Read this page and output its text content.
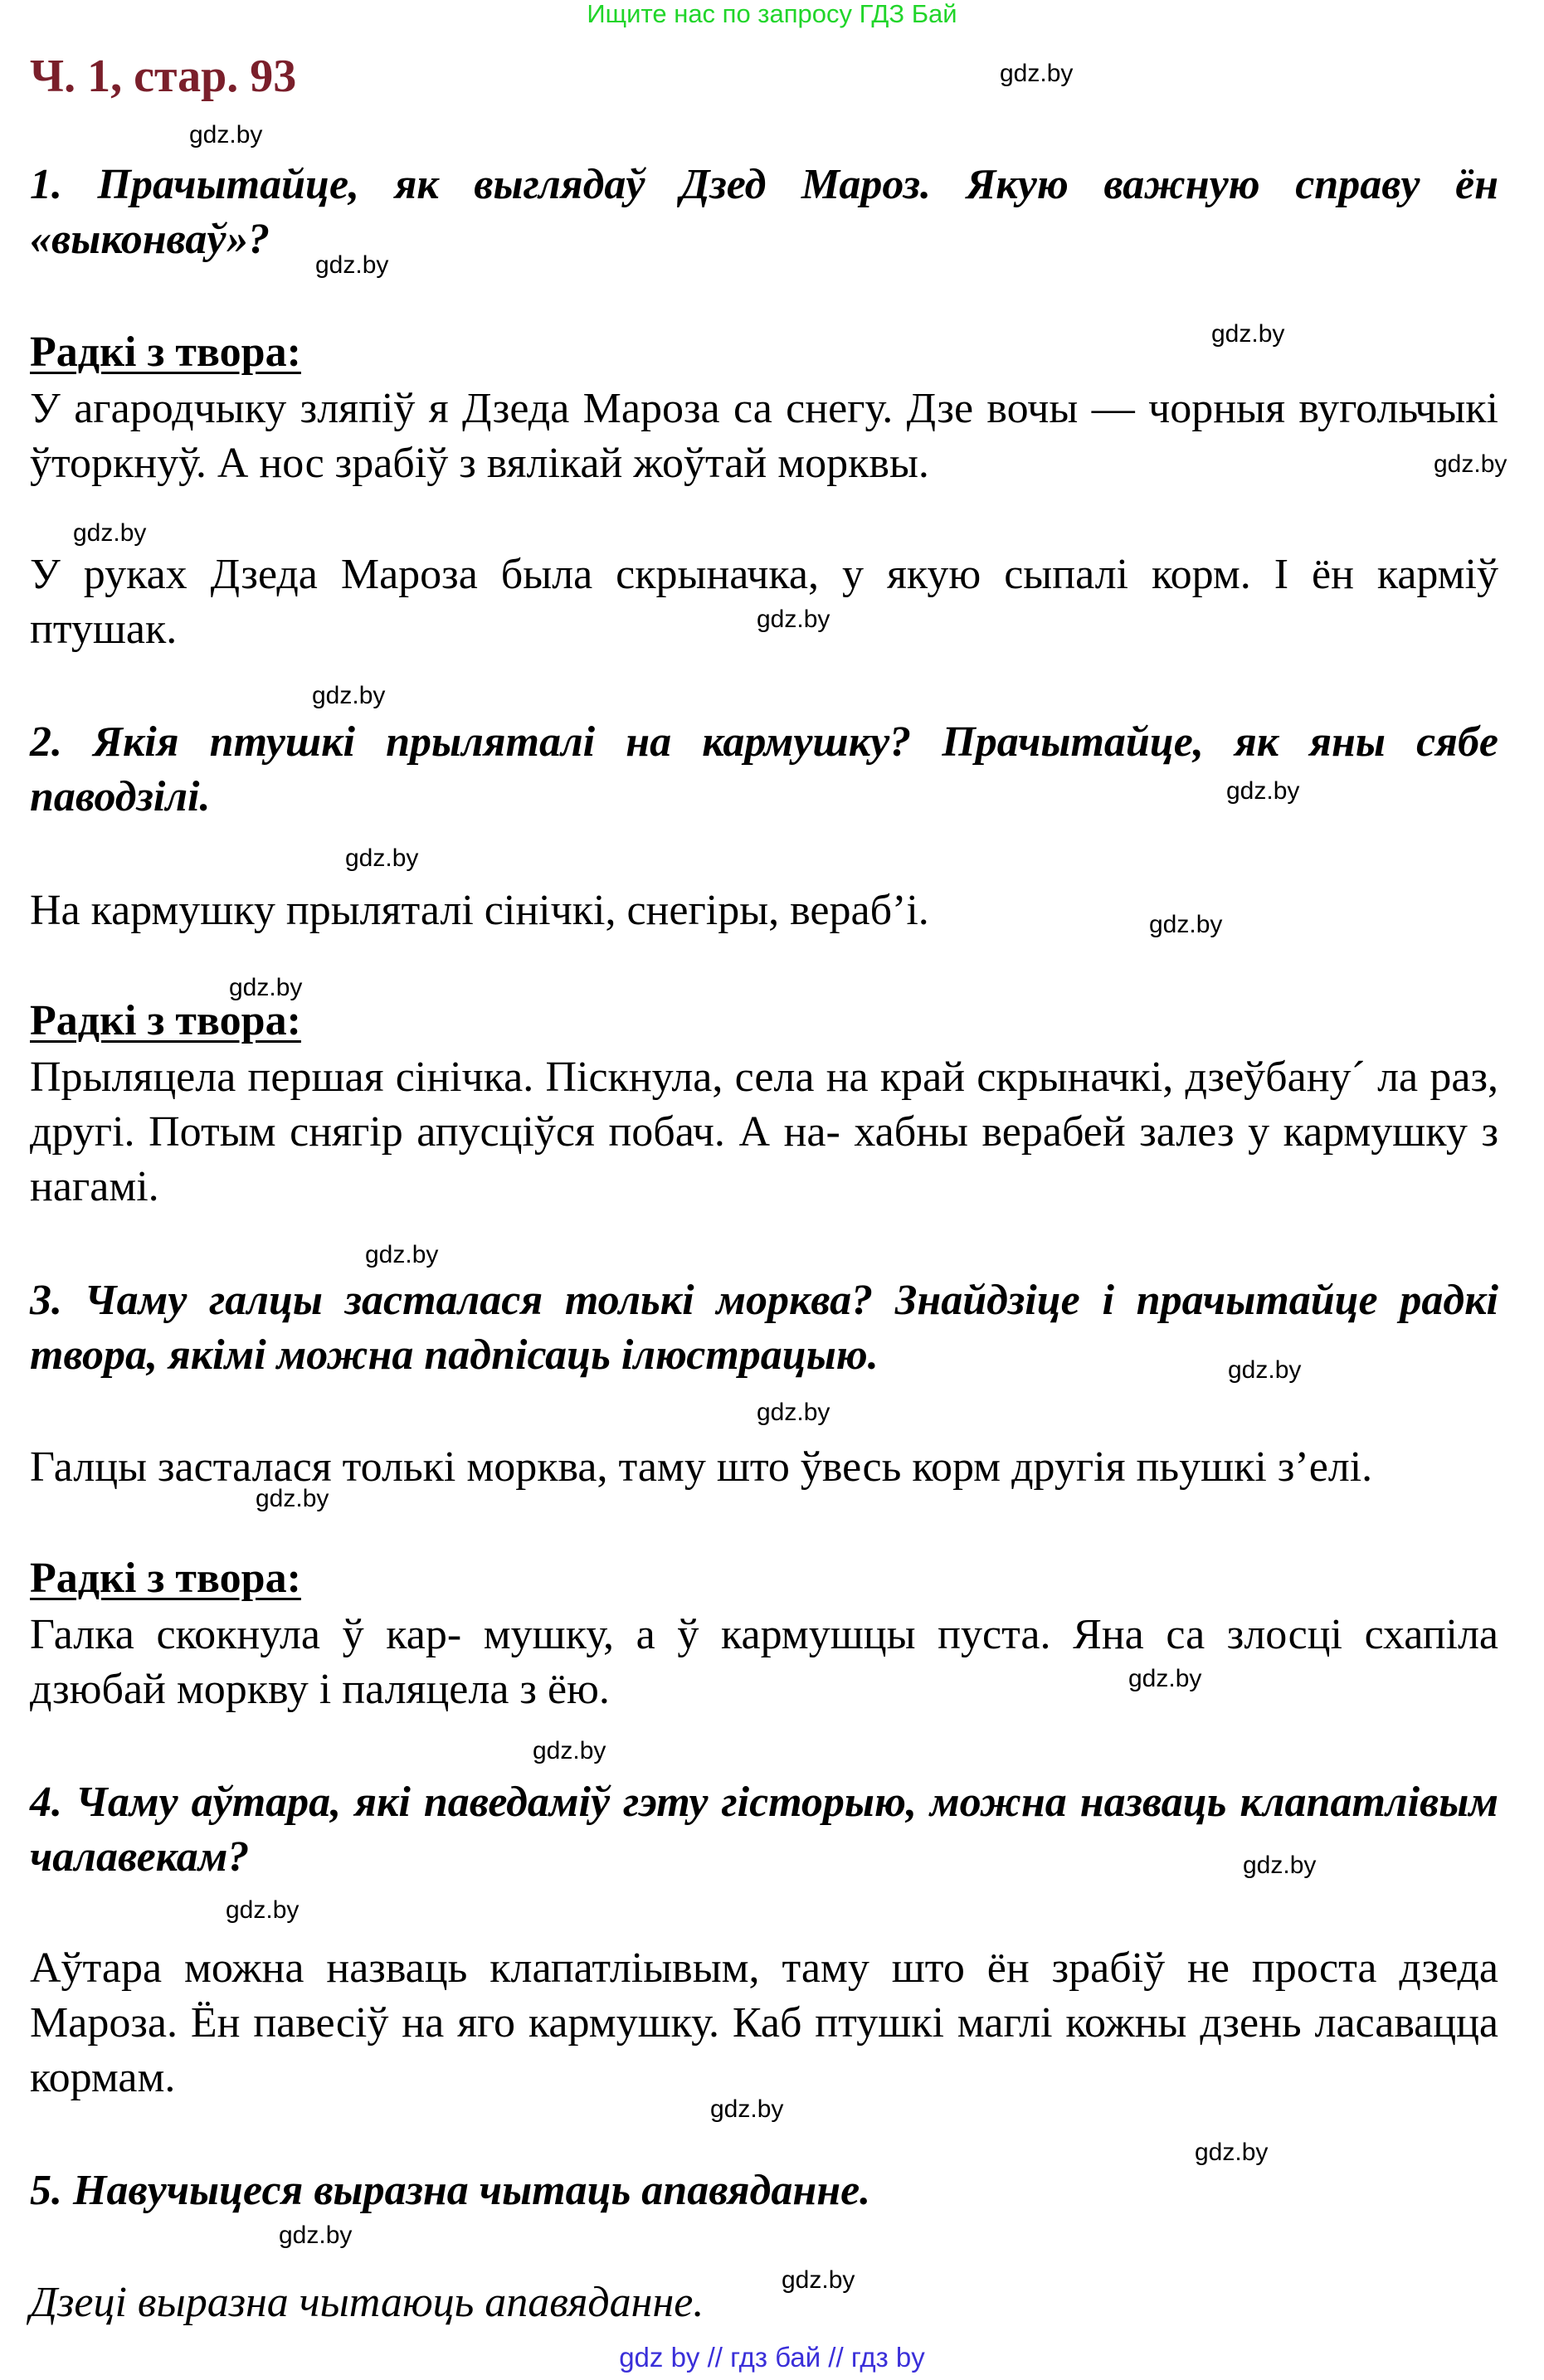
Ищите нас по запросу ГДЗ Бай
Ч. 1, стар. 93
1. Прачытайце, як выглядаў Дзед Мароз. Якую важную справу ён «выконваў»?
Радкі з твора:
У агародчыку зляпіў я Дзеда Мароза са снегу. Дзе вочы — чорныя вугольчыкі ўторкнуў. А нос зрабіў з вялікай жоўтай морквы.
У руках Дзеда Мароза была скрыначка, у якую сыпалі корм. І ён карміў птушак.
2. Якія птушкі прыляталі на кармушку? Прачытайце, як яны сябе паводзілі.
На кармушку прыляталі сінічкі, снегіры, вераб’і.
Радкі з твора:
Прыляцела першая сінічка. Піскнула, села на край скрыначкі, дзеўбану´ ла раз, другі. Потым снягір апусціўся побач. А на- хабны верабей залез у кармушку з нагамі.
3. Чаму галцы засталася толькі морква? Знайдзіце і прачытайце радкі твора, якімі можна падпісаць ілюстрацыю.
Галцы засталася толькі морква, таму што ўвесь корм другія пьушкі з’елі.
Радкі з твора:
Галка скокнула ў кар- мушку, а ў кармушцы пуста. Яна са злосці схапіла дзюбай моркву і паляцела з ёю.
4. Чаму аўтара, які паведаміў гэту гісторыю, можна назваць клапатлівым чалавекам?
Аўтара можна назваць клапатліывым, таму што ён зрабіў не проста дзеда Мароза. Ён павесіў на яго кармушку. Каб птушкі маглі кожны дзень ласавацца кормам.
5. Навучыцеся выразна чытаць апавяданне.
Дзеці выразна чытаюць апавяданне.
gdz.by
gdz.by
gdz.by
gdz.by
gdz.by
gdz.by
gdz.by
gdz.by
gdz.by
gdz.by
gdz.by
gdz.by
gdz.by
gdz.by
gdz.by
gdz.by
gdz.by
gdz.by
gdz.by
gdz.by
gdz.by
gdz.by
gdz.by
gdz.by
gdz by // гдз бай // гдз by
